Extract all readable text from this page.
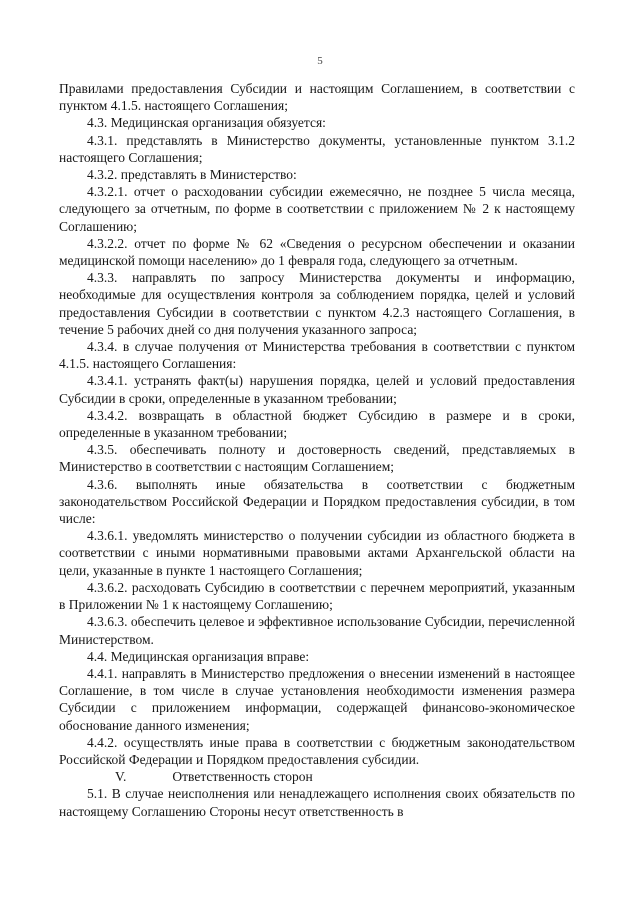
5

Правилами предоставления Субсидии и настоящим Соглашением, в соответствии с пунктом 4.1.5. настоящего Соглашения;

4.3. Медицинская организация обязуется:

4.3.1. представлять в Министерство документы, установленные пунктом 3.1.2 настоящего Соглашения;

4.3.2. представлять в Министерство:

4.3.2.1. отчет о расходовании субсидии ежемесячно, не позднее 5 числа месяца, следующего за отчетным, по форме в соответствии с приложением № 2 к настоящему Соглашению;

4.3.2.2. отчет по форме № 62 «Сведения о ресурсном обеспечении и оказании медицинской помощи населению» до 1 февраля года, следующего за отчетным.

4.3.3. направлять по запросу Министерства документы и информацию, необходимые для осуществления контроля за соблюдением порядка, целей и условий предоставления Субсидии в соответствии с пунктом 4.2.3 настоящего Соглашения, в течение 5 рабочих дней со дня получения указанного запроса;

4.3.4. в случае получения от Министерства требования в соответствии с пунктом 4.1.5. настоящего Соглашения:

4.3.4.1. устранять факт(ы) нарушения порядка, целей и условий предоставления Субсидии в сроки, определенные в указанном требовании;

4.3.4.2. возвращать в областной бюджет Субсидию в размере и в сроки, определенные в указанном требовании;

4.3.5. обеспечивать полноту и достоверность сведений, представляемых в Министерство в соответствии с настоящим Соглашением;

4.3.6. выполнять иные обязательства в соответствии с бюджетным законодательством Российской Федерации и Порядком предоставления субсидии, в том числе:

4.3.6.1. уведомлять министерство о получении субсидии из областного бюджета в соответствии с иными нормативными правовыми актами Архангельской области на цели, указанные в пункте 1 настоящего Соглашения;

4.3.6.2. расходовать Субсидию в соответствии с перечнем мероприятий, указанным в Приложении № 1 к настоящему Соглашению;

4.3.6.3. обеспечить целевое и эффективное использование Субсидии, перечисленной Министерством.

4.4. Медицинская организация вправе:

4.4.1. направлять в Министерство предложения о внесении изменений в настоящее Соглашение, в том числе в случае установления необходимости изменения размера Субсидии с приложением информации, содержащей финансово-экономическое обоснование данного изменения;

4.4.2. осуществлять иные права в соответствии с бюджетным законодательством Российской Федерации и Порядком предоставления субсидии.

V.	Ответственность сторон

5.1. В случае неисполнения или ненадлежащего исполнения своих обязательств по настоящему Соглашению Стороны несут ответственность в
